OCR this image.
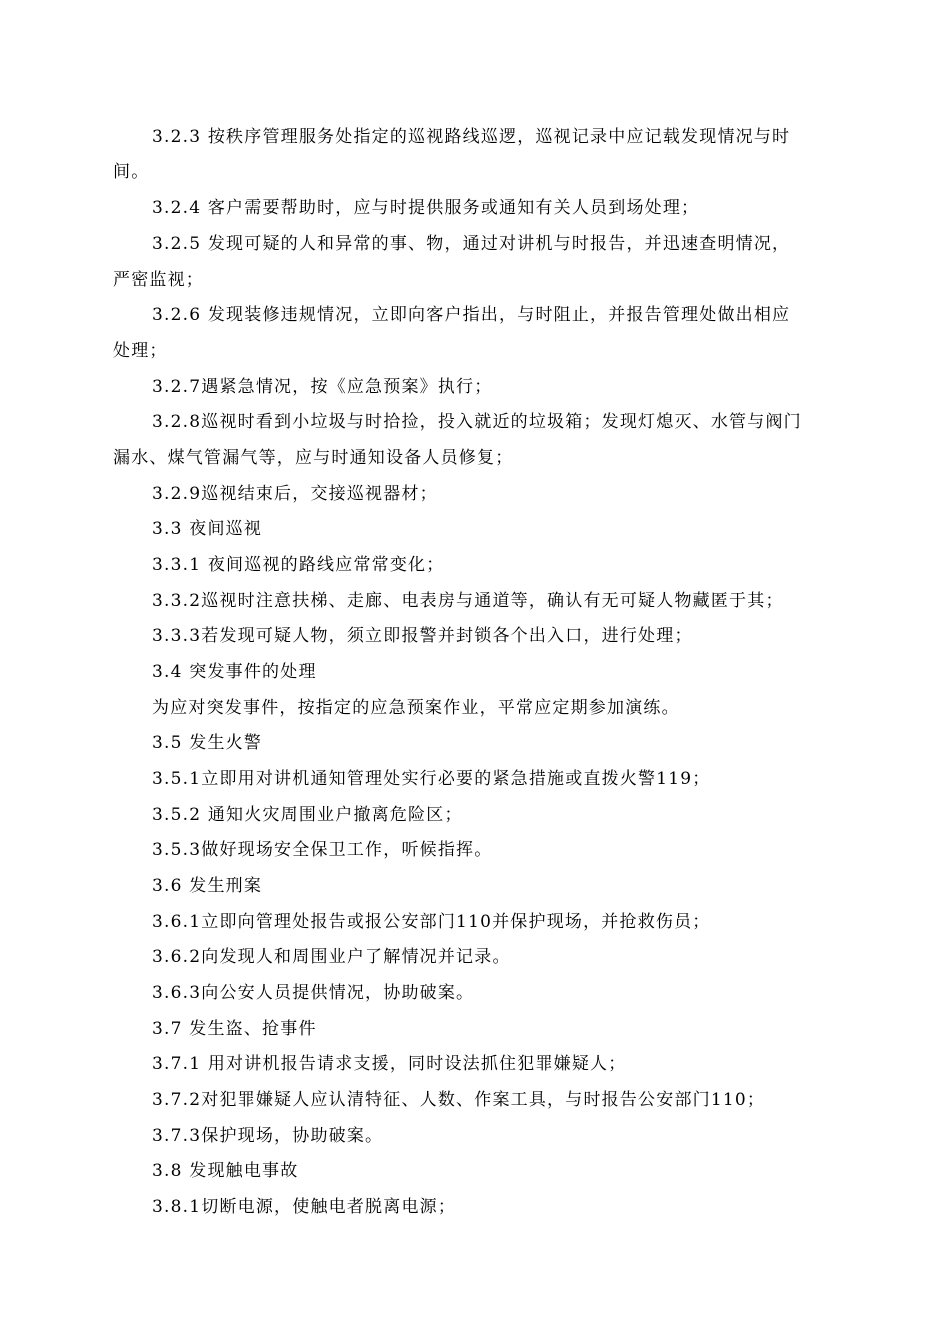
3.2.3 按秩序管理服务处指定的巡视路线巡逻，巡视记录中应记载发现情况与时
间。
3.2.4 客户需要帮助时，应与时提供服务或通知有关人员到场处理；
3.2.5 发现可疑的人和异常的事、物，通过对讲机与时报告，并迅速查明情况，
严密监视；
3.2.6 发现装修违规情况，立即向客户指出，与时阻止，并报告管理处做出相应
处理；
3.2.7遇紧急情况，按《应急预案》执行；
3.2.8巡视时看到小垃圾与时拾捡，投入就近的垃圾箱；发现灯熄灭、水管与阀门
漏水、煤气管漏气等，应与时通知设备人员修复；
3.2.9巡视结束后，交接巡视器材；
3.3 夜间巡视
3.3.1 夜间巡视的路线应常常变化；
3.3.2巡视时注意扶梯、走廊、电表房与通道等，确认有无可疑人物藏匿于其；
3.3.3若发现可疑人物，须立即报警并封锁各个出入口，进行处理；
3.4 突发事件的处理
为应对突发事件，按指定的应急预案作业，平常应定期参加演练。
3.5 发生火警
3.5.1立即用对讲机通知管理处实行必要的紧急措施或直拨火警119；
3.5.2 通知火灾周围业户撤离危险区；
3.5.3做好现场安全保卫工作，听候指挥。
3.6 发生刑案
3.6.1立即向管理处报告或报公安部门110并保护现场，并抢救伤员；
3.6.2向发现人和周围业户了解情况并记录。
3.6.3向公安人员提供情况，协助破案。
3.7 发生盗、抢事件
3.7.1 用对讲机报告请求支援，同时设法抓住犯罪嫌疑人；
3.7.2对犯罪嫌疑人应认清特征、人数、作案工具，与时报告公安部门110；
3.7.3保护现场，协助破案。
3.8 发现触电事故
3.8.1切断电源，使触电者脱离电源；
